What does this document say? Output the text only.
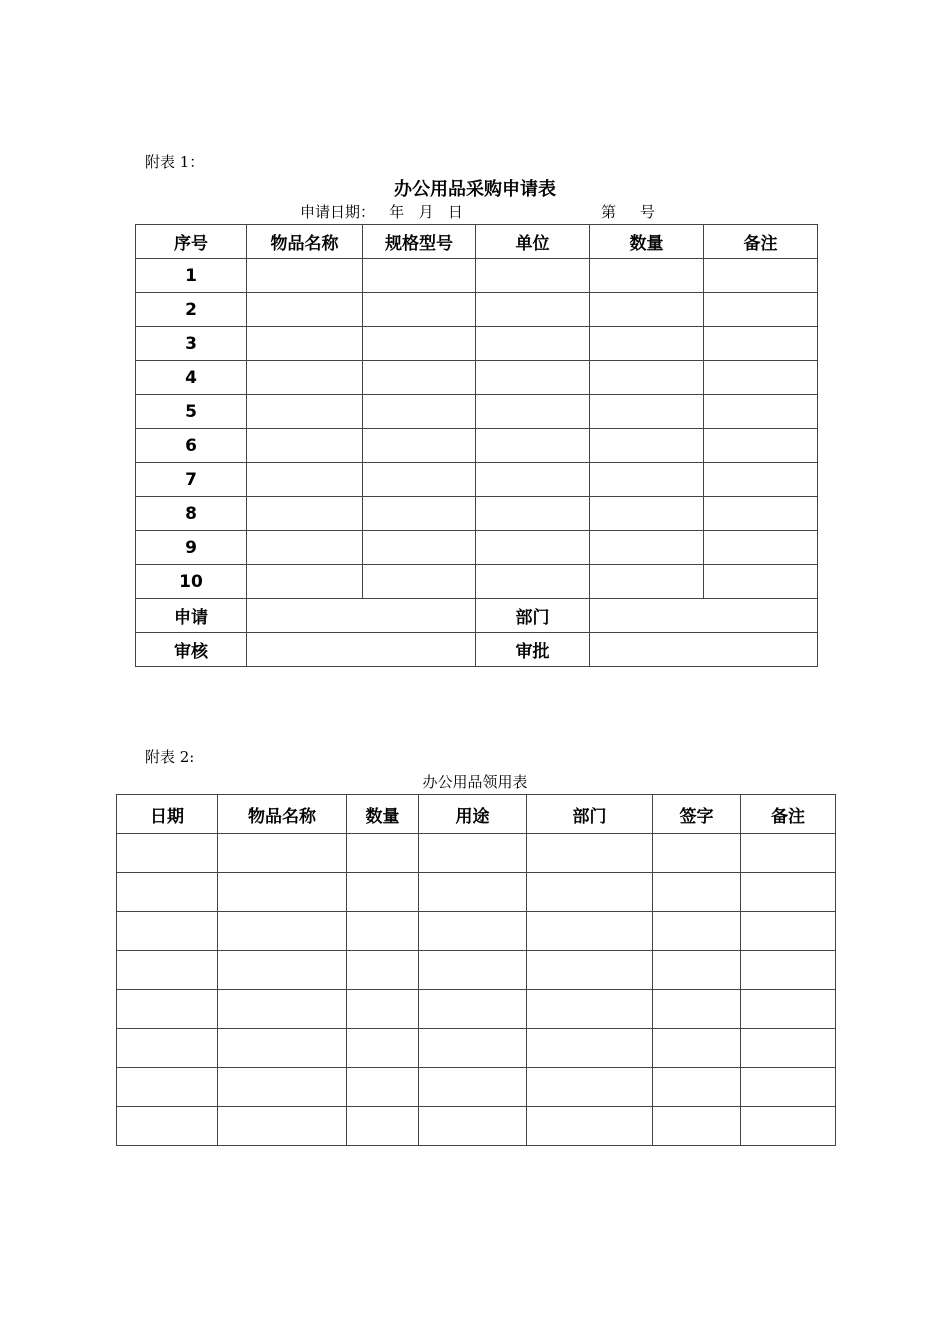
附表 1：
办公用品采购申请表
申请日期：   年   月   日	第     号
序号	物品名称	规格型号	单位	数量	备注
1					
2					
3					
4					
5					
6					
7					
8					
9					
10					
申请			部门		
审核			审批		
附表 2:
办公用品领用表
日期	物品名称	数量	用途	部门	签字	备注
